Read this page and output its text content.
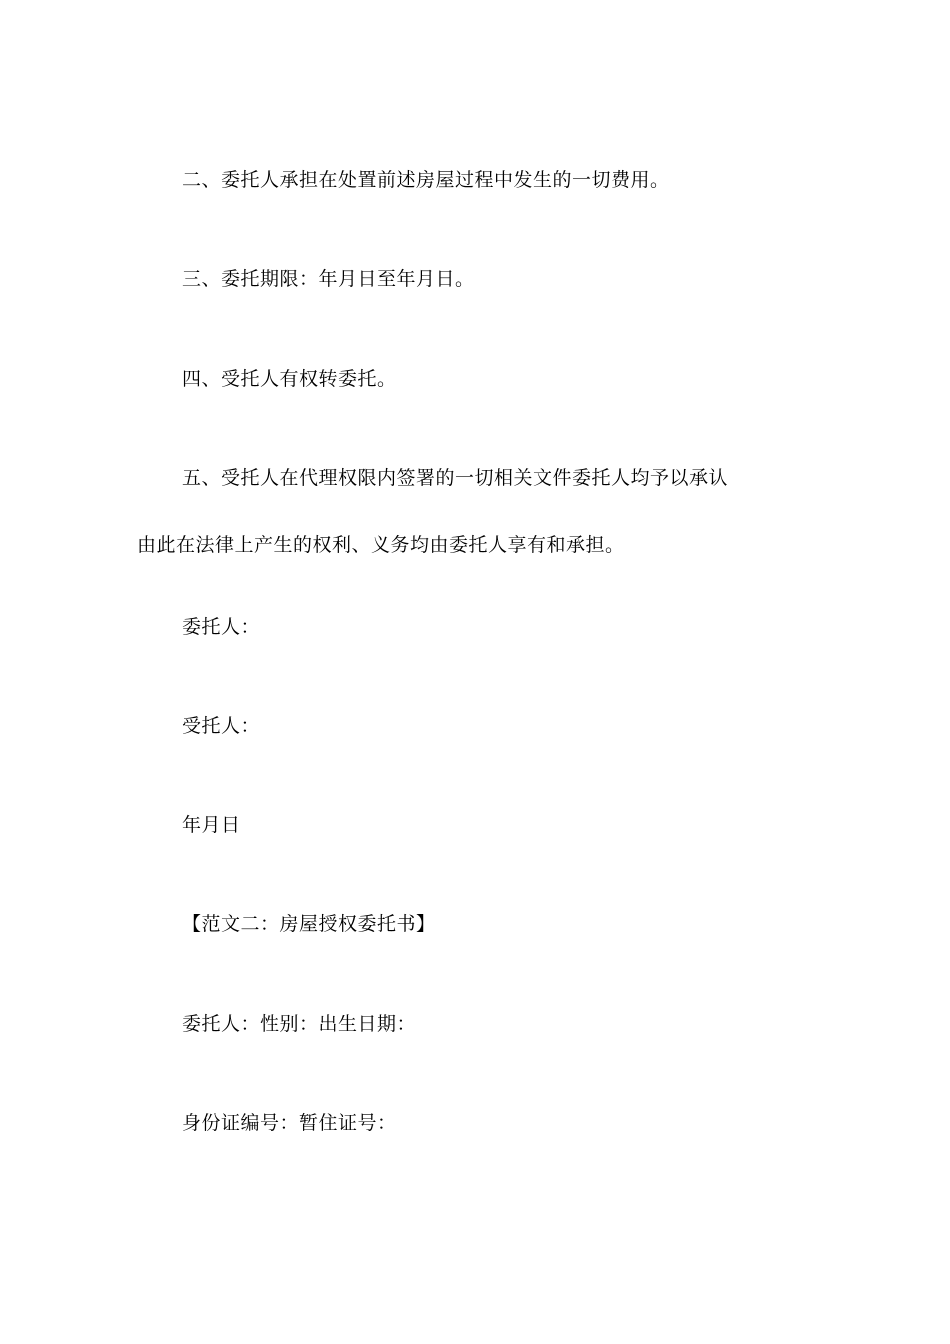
二、委托人承担在处置前述房屋过程中发生的一切费用。
三、委托期限：年月日至年月日。
四、受托人有权转委托。
五、受托人在代理权限内签署的一切相关文件委托人均予以承认
由此在法律上产生的权利、义务均由委托人享有和承担。
委托人：
受托人：
年月日
【范文二：房屋授权委托书】
委托人：性别：出生日期：
身份证编号：暂住证号：
